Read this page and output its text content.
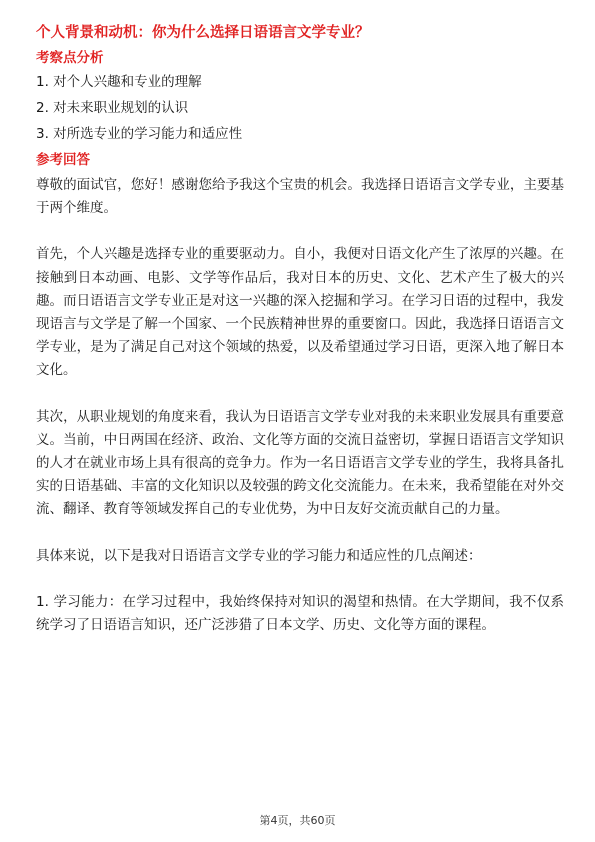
个人背景和动机：你为什么选择日语语言文学专业？
考察点分析
1. 对个人兴趣和专业的理解
2. 对未来职业规划的认识
3. 对所选专业的学习能力和适应性
参考回答

尊敬的面试官，您好！感谢您给予我这个宝贵的机会。我选择日语语言文学专业，主要基于两个维度。

首先，个人兴趣是选择专业的重要驱动力。自小，我便对日语文化产生了浓厚的兴趣。在接触到日本动画、电影、文学等作品后，我对日本的历史、文化、艺术产生了极大的兴趣。而日语语言文学专业正是对这一兴趣的深入挖掘和学习。在学习日语的过程中，我发现语言与文学是了解一个国家、一个民族精神世界的重要窗口。因此，我选择日语语言文学专业，是为了满足自己对这个领域的热爱，以及希望通过学习日语，更深入地了解日本文化。

其次，从职业规划的角度来看，我认为日语语言文学专业对我的未来职业发展具有重要意义。当前，中日两国在经济、政治、文化等方面的交流日益密切，掌握日语语言文学知识的人才在就业市场上具有很高的竞争力。作为一名日语语言文学专业的学生，我将具备扎实的日语基础、丰富的文化知识以及较强的跨文化交流能力。在未来，我希望能在对外交流、翻译、教育等领域发挥自己的专业优势，为中日友好交流贡献自己的力量。

具体来说，以下是我对日语语言文学专业的学习能力和适应性的几点阐述：

1. 学习能力：在学习过程中，我始终保持对知识的渴望和热情。在大学期间，我不仅系统学习了日语语言知识，还广泛涉猎了日本文学、历史、文化等方面的课程。

第4页，共60页
